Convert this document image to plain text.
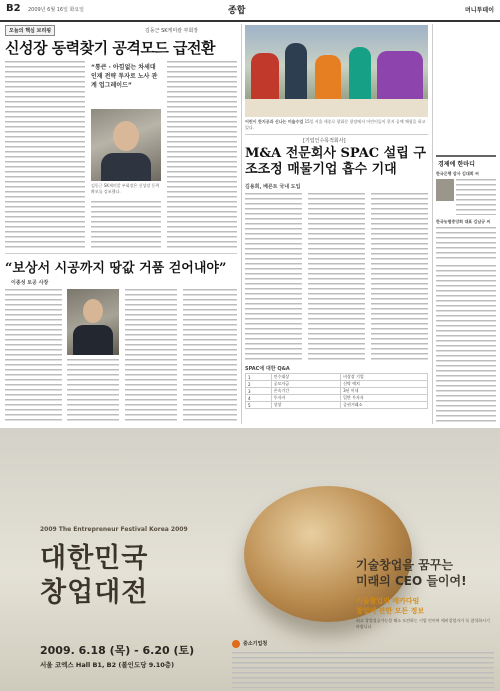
B2 2009년 6월 16일 화요일	종합	머니투데이
오늘의 핵심 브리핑	김동근 SK케미칼 부회장
신성장 동력찾기 공격모드 급전환
“통큰 · 아낌없는 차세대 인재 전략 투자로 노사 관계 업그레이드”
김동근 SK케미칼 부회장은 신성장 동력 확보를 강조했다.
어린이 한지공과 신나는 미술수업 15일 서울 세종로 광화문 광장에서 어린이들이 한지 공예 체험을 하고 있다.
[기업인수목적회사]
M&A 전문회사 SPAC 설립 구조조정 매물기업 흡수 기대
김용희, 베른트 국내 도입
SPAC에 대한 Q&A
1	인수대상	비상장 기업
2	공모자금	신탁 예치
3	존속기간	3년 이내
4	투자자	일반 투자자
5	상장	증권거래소
경제에 한마디
한국은행 감사 김대희 씨
한국농협중앙회 대표 김남규 씨
“보상서 시공까지 땅값 거품 걷어내야”
이종성 토공 사장
2009 The Entrepreneur Festival Korea 2009
대한민국
창업대전
기술창업을 꿈꾸는
미래의 CEO 들이여!
기술창업의 메카다임
창업에 관한 모든 정보
최고 창업성공가능성 해소 도전하는 기업 인이여 예비창업자가 꼭 참석하시기 바랍니다
2009. 6.18 (목) - 6.20 (토)
서울 코엑스 Hall B1, B2 (볼인도당 9.10층)
중소기업청
